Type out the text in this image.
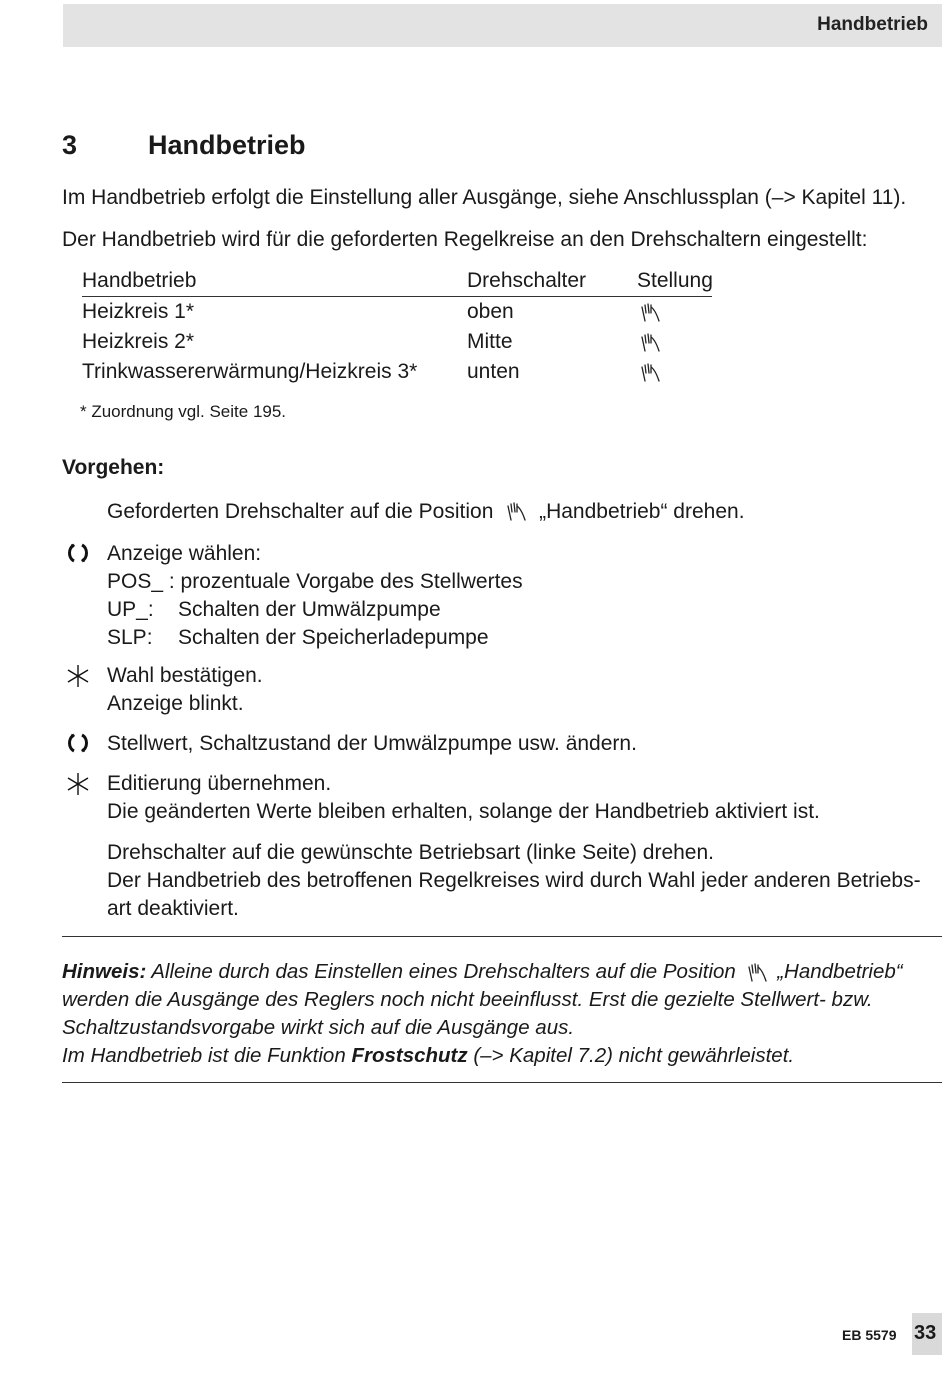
Handbetrieb
3	Handbetrieb
Im Handbetrieb erfolgt die Einstellung aller Ausgänge, siehe Anschlussplan (–> Kapitel 11).
Der Handbetrieb wird für die geforderten Regelkreise an den Drehschaltern eingestellt:
Handbetrieb	Drehschalter Stellung
Heizkreis 1*	oben
Heizkreis 2*	Mitte
Trinkwassererwärmung/Heizkreis 3* unten
* Zuordnung vgl. Seite 195.
Vorgehen:
Geforderten Drehschalter auf die Position „Handbetrieb“ drehen.
Anzeige wählen:
POS_ : prozentuale Vorgabe des Stellwertes
UP_: Schalten der Umwälzpumpe
SLP: Schalten der Speicherladepumpe
Wahl bestätigen.
Anzeige blinkt.
Stellwert, Schaltzustand der Umwälzpumpe usw. ändern.
Editierung übernehmen.
Die geänderten Werte bleiben erhalten, solange der Handbetrieb aktiviert ist.
Drehschalter auf die gewünschte Betriebsart (linke Seite) drehen.
Der Handbetrieb des betroffenen Regelkreises wird durch Wahl jeder anderen Betriebs-
art deaktiviert.
Hinweis: Alleine durch das Einstellen eines Drehschalters auf die Position „Handbetrieb“
werden die Ausgänge des Reglers noch nicht beeinflusst. Erst die gezielte Stellwert- bzw.
Schaltzustandsvorgabe wirkt sich auf die Ausgänge aus.
Im Handbetrieb ist die Funktion Frostschutz (–> Kapitel 7.2) nicht gewährleistet.
EB 5579 33
